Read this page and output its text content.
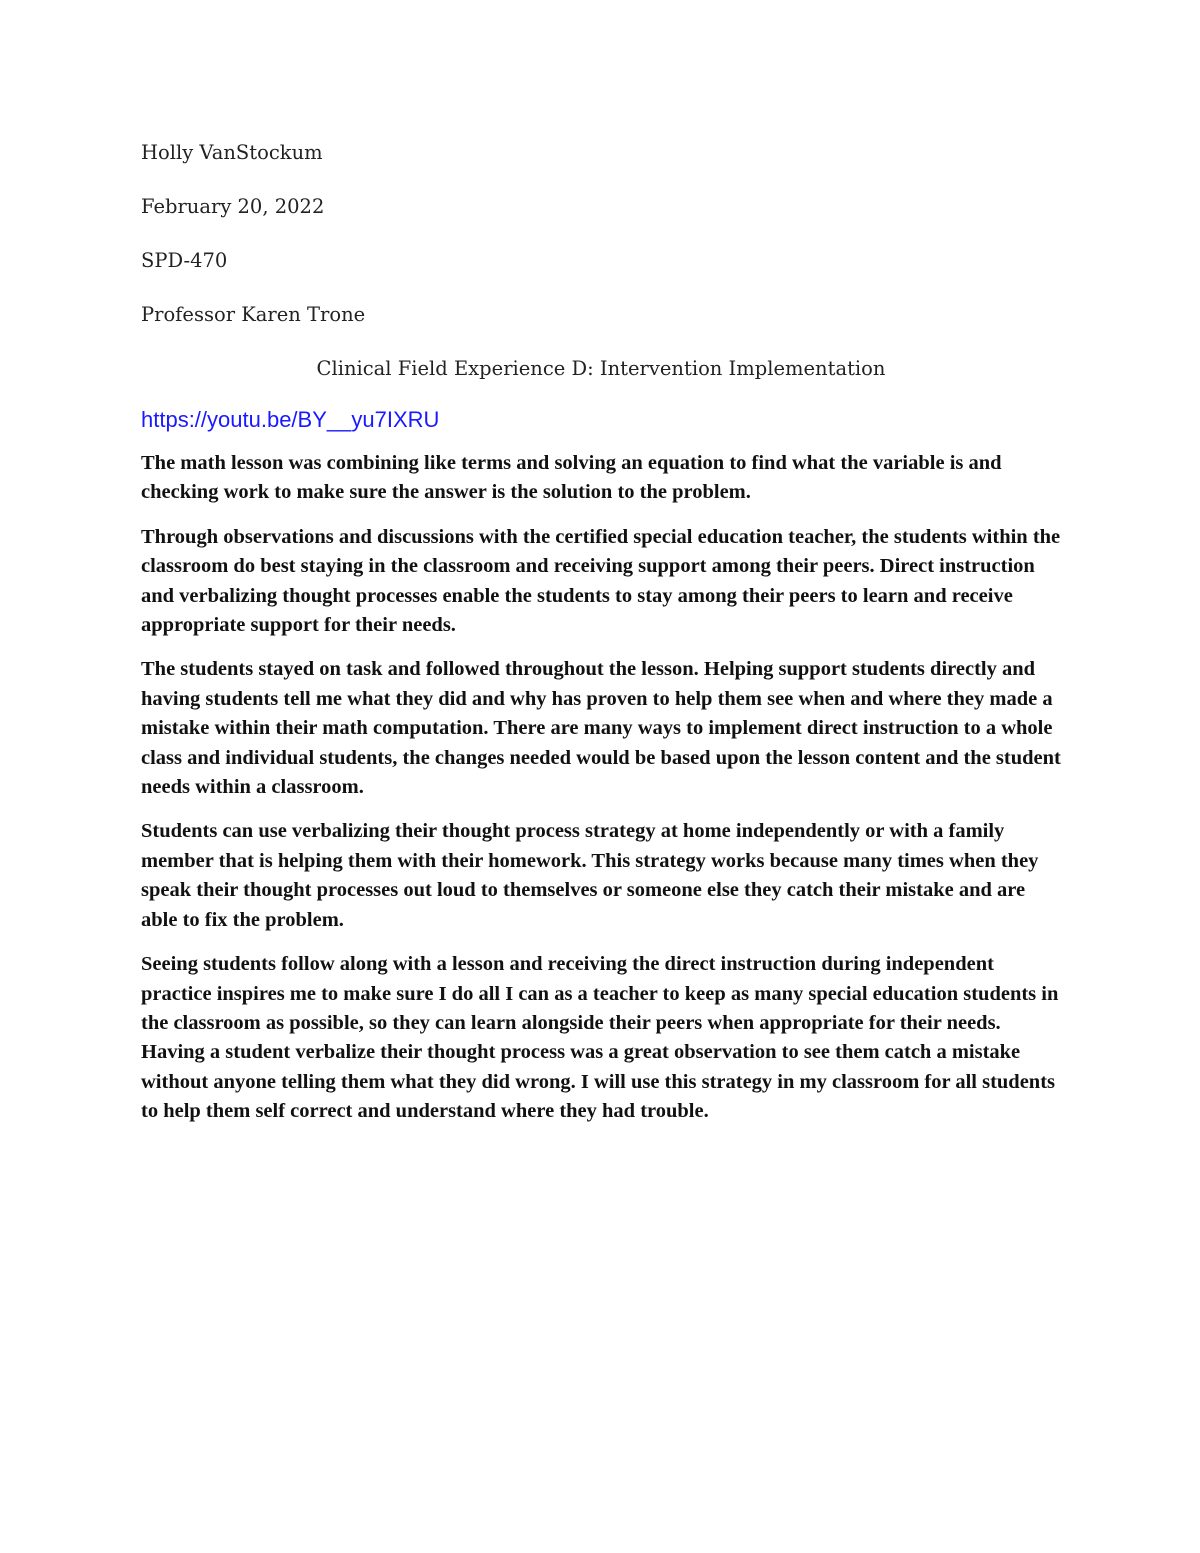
Holly VanStockum
February 20, 2022
SPD-470
Professor Karen Trone
Clinical Field Experience D: Intervention Implementation
https://youtu.be/BY__yu7IXRU

The math lesson was combining like terms and solving an equation to find what the variable is and checking work to make sure the answer is the solution to the problem.

Through observations and discussions with the certified special education teacher, the students within the classroom do best staying in the classroom and receiving support among their peers. Direct instruction and verbalizing thought processes enable the students to stay among their peers to learn and receive appropriate support for their needs.

The students stayed on task and followed throughout the lesson. Helping support students directly and having students tell me what they did and why has proven to help them see when and where they made a mistake within their math computation. There are many ways to implement direct instruction to a whole class and individual students, the changes needed would be based upon the lesson content and the student needs within a classroom.

Students can use verbalizing their thought process strategy at home independently or with a family member that is helping them with their homework. This strategy works because many times when they speak their thought processes out loud to themselves or someone else they catch their mistake and are able to fix the problem.

Seeing students follow along with a lesson and receiving the direct instruction during independent practice inspires me to make sure I do all I can as a teacher to keep as many special education students in the classroom as possible, so they can learn alongside their peers when appropriate for their needs. Having a student verbalize their thought process was a great observation to see them catch a mistake without anyone telling them what they did wrong. I will use this strategy in my classroom for all students to help them self correct and understand where they had trouble.
